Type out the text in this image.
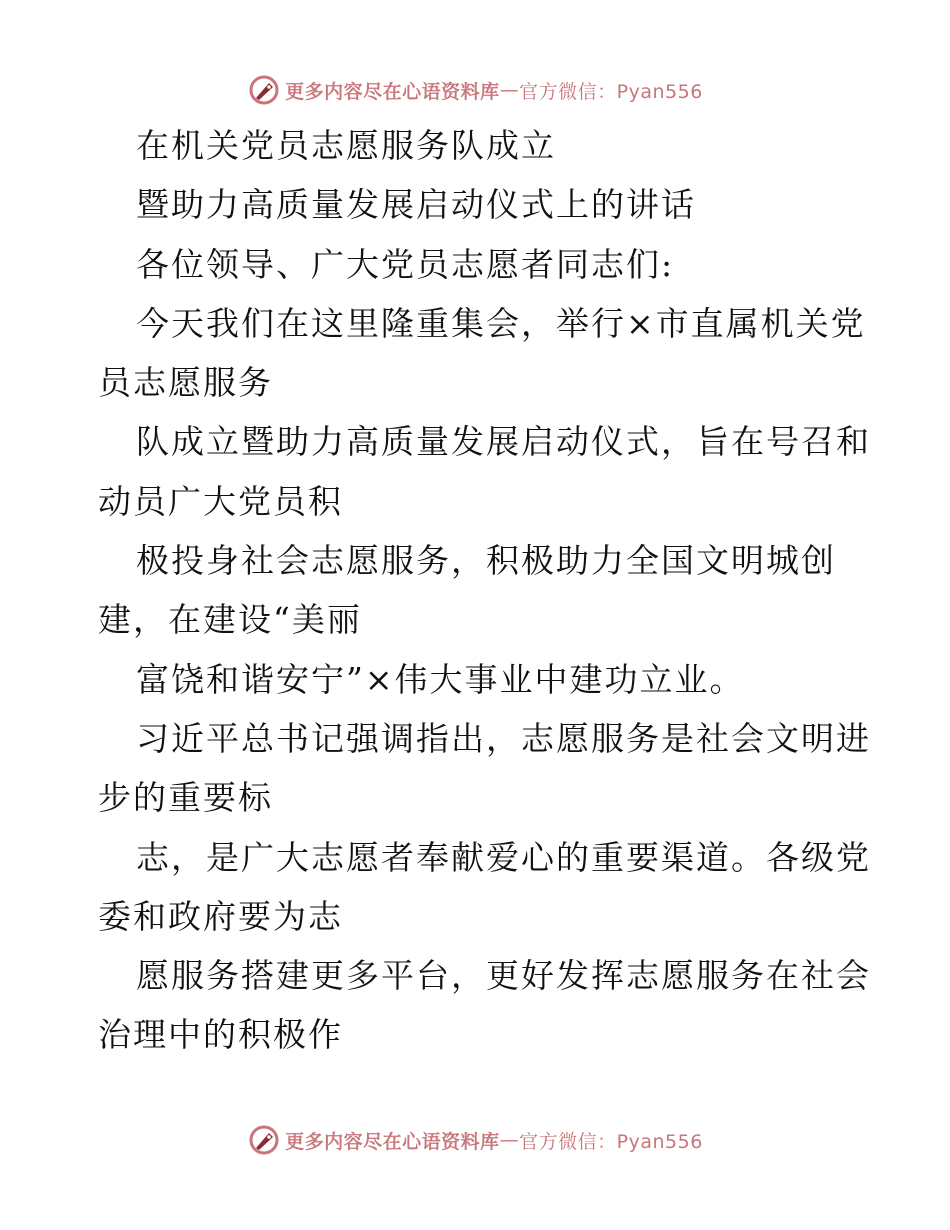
更多内容尽在心语资料库 — 官方微信：Pyan556

在机关党员志愿服务队成立

暨助力高质量发展启动仪式上的讲话

各位领导、广大党员志愿者同志们:

今天我们在这里隆重集会，举行×市直属机关党

员志愿服务

队成立暨助力高质量发展启动仪式，旨在号召和

动员广大党员积

极投身社会志愿服务，积极助力全国文明城创

建，在建设“美丽

富饶和谐安宁”×伟大事业中建功立业。

习近平总书记强调指出，志愿服务是社会文明进

步的重要标

志，是广大志愿者奉献爱心的重要渠道。各级党

委和政府要为志

愿服务搭建更多平台，更好发挥志愿服务在社会

治理中的积极作

更多内容尽在心语资料库 — 官方微信：Pyan556
